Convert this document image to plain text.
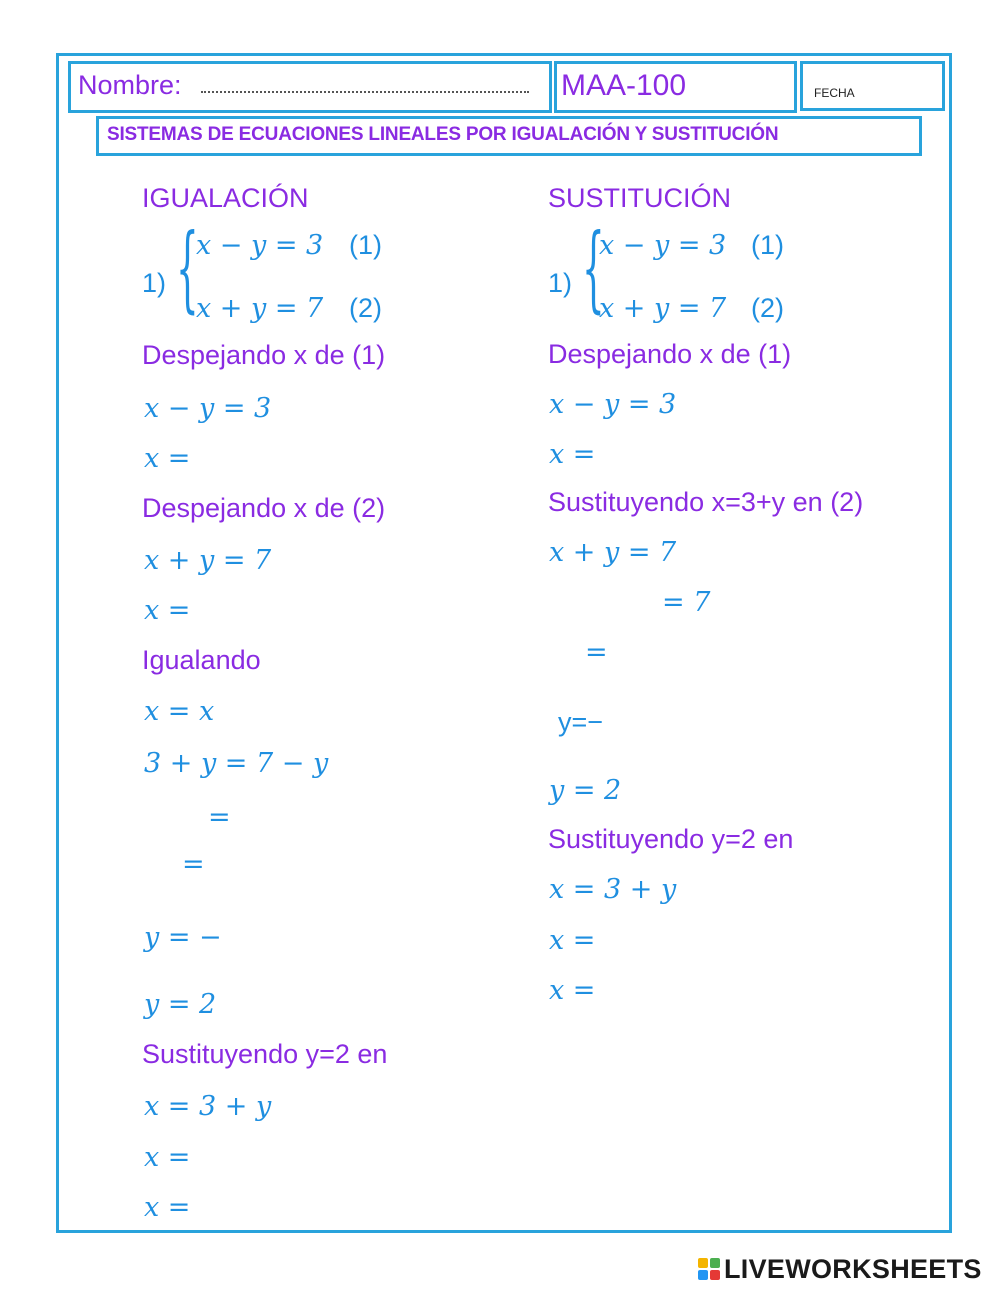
Nombre:	MAA-100	FECHA
SISTEMAS DE ECUACIONES LINEALES POR IGUALACIÓN Y SUSTITUCIÓN
IGUALACIÓN
1) {
x − y = 3 (1)
x + y = 7 (2)
Despejando x de (1)
x − y = 3
x =
Despejando x de (2)
x + y = 7
x =
Igualando
x = x
3 + y = 7 − y
=
=
y = −
y = 2
Sustituyendo y=2 en
x = 3 + y
x =
x =
SUSTITUCIÓN
1) {
x − y = 3 (1)
x + y = 7 (2)
Despejando x de (1)
x − y = 3
x =
Sustituyendo x=3+y en (2)
x + y = 7
= 7
=
y=−
y = 2
Sustituyendo y=2 en
x = 3 + y
x =
x =
LIVEWORKSHEETS
